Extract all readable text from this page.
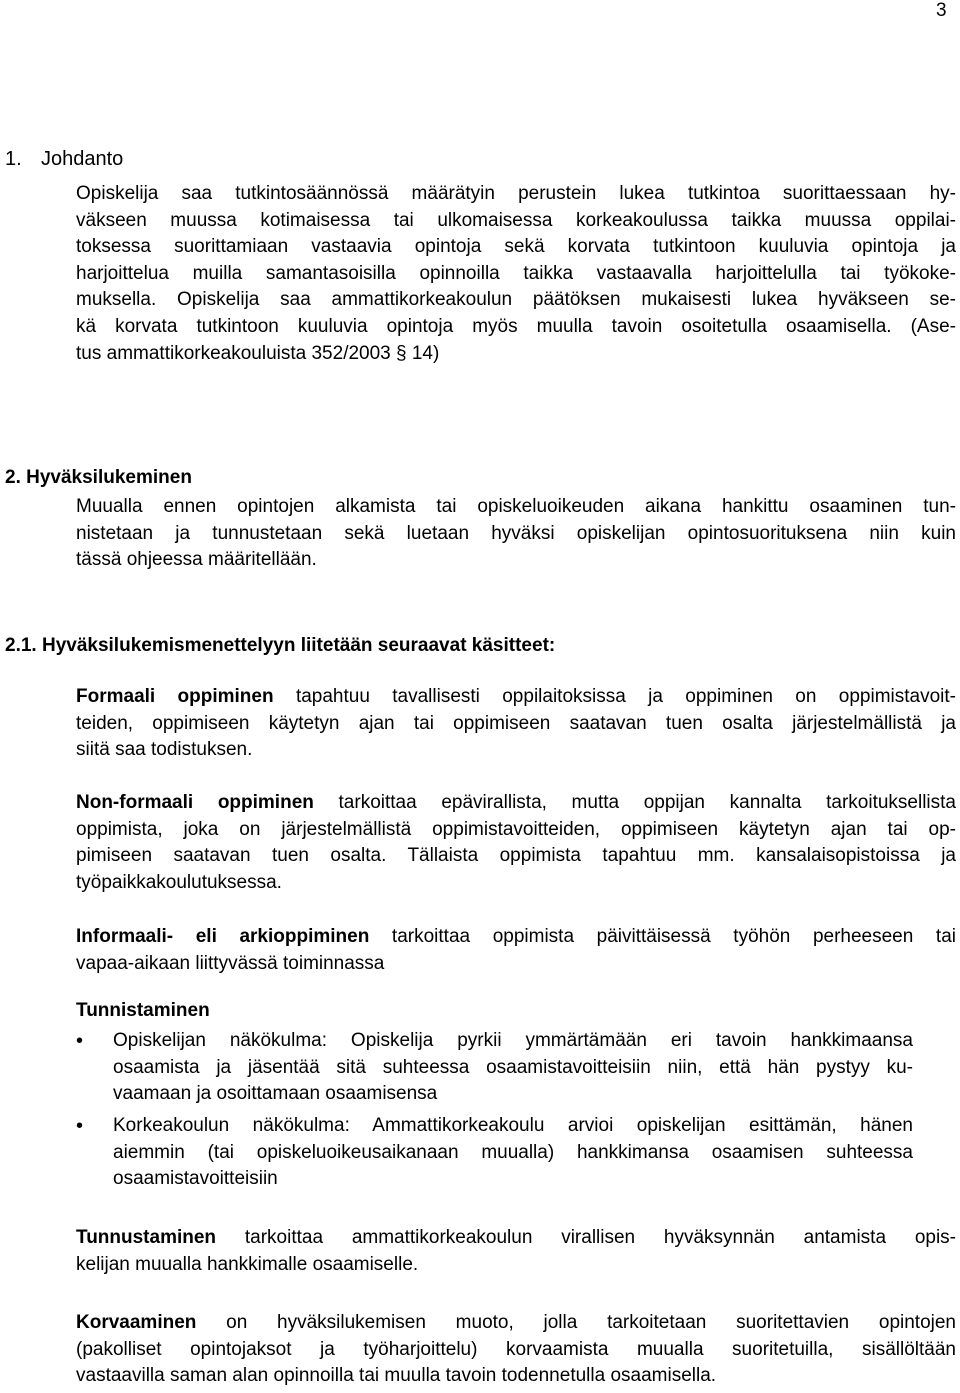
3
1. Johdanto
Opiskelija saa tutkintosäännössä määrätyin perustein lukea tutkintoa suorittaessaan hy-
väkseen muussa kotimaisessa tai ulkomaisessa korkeakoulussa taikka muussa oppilai-
toksessa suorittamiaan vastaavia opintoja sekä korvata tutkintoon kuuluvia opintoja ja
harjoittelua muilla samantasoisilla opinnoilla taikka vastaavalla harjoittelulla tai työkoke-
muksella. Opiskelija saa ammattikorkeakoulun päätöksen mukaisesti lukea hyväkseen se-
kä korvata tutkintoon kuuluvia opintoja myös muulla tavoin osoitetulla osaamisella. (Ase-
tus ammattikorkeakouluista 352/2003 § 14)
2. Hyväksilukeminen
Muualla ennen opintojen alkamista tai opiskeluoikeuden aikana hankittu osaaminen tun-
nistetaan ja tunnustetaan sekä luetaan hyväksi opiskelijan opintosuorituksena niin kuin
tässä ohjeessa määritellään.
2.1. Hyväksilukemismenettelyyn liitetään seuraavat käsitteet:
Formaali oppiminen tapahtuu tavallisesti oppilaitoksissa ja oppiminen on oppimistavoit-
teiden, oppimiseen käytetyn ajan tai oppimiseen saatavan tuen osalta järjestelmällistä ja
siitä saa todistuksen.
Non-formaali oppiminen tarkoittaa epävirallista, mutta oppijan kannalta tarkoituksellista
oppimista, joka on järjestelmällistä oppimistavoitteiden, oppimiseen käytetyn ajan tai op-
pimiseen saatavan tuen osalta. Tällaista oppimista tapahtuu mm. kansalaisopistoissa ja
työpaikkakoulutuksessa.
Informaali- eli arkioppiminen tarkoittaa oppimista päivittäisessä työhön perheeseen tai
vapaa-aikaan liittyvässä toiminnassa
Tunnistaminen
• Opiskelijan näkökulma: Opiskelija pyrkii ymmärtämään eri tavoin hankkimaansa
osaamista ja jäsentää sitä suhteessa osaamistavoitteisiin niin, että hän pystyy ku-
vaamaan ja osoittamaan osaamisensa
• Korkeakoulun näkökulma: Ammattikorkeakoulu arvioi opiskelijan esittämän, hänen
aiemmin (tai opiskeluoikeusaikanaan muualla) hankkimansa osaamisen suhteessa
osaamistavoitteisiin
Tunnustaminen tarkoittaa ammattikorkeakoulun virallisen hyväksynnän antamista opis-
kelijan muualla hankkimalle osaamiselle.
Korvaaminen on hyväksilukemisen muoto, jolla tarkoitetaan suoritettavien opintojen
(pakolliset opintojaksot ja työharjoittelu) korvaamista muualla suoritetuilla, sisällöltään
vastaavilla saman alan opinnoilla tai muulla tavoin todennetulla osaamisella.
